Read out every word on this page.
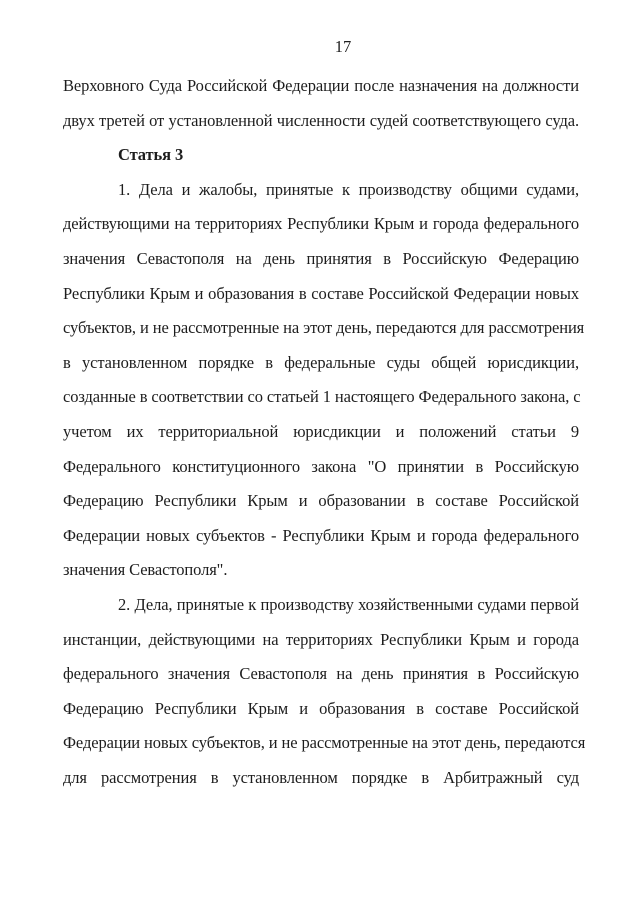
17
Верховного Суда Российской Федерации после назначения на должности
двух третей от установленной численности судей соответствующего суда.
Статья 3
1. Дела и жалобы, принятые к производству общими судами,
действующими на территориях Республики Крым и города федерального
значения Севастополя на день принятия в Российскую Федерацию
Республики Крым и образования в составе Российской Федерации новых
субъектов, и не рассмотренные на этот день, передаются для рассмотрения
в установленном порядке в федеральные суды общей юрисдикции,
созданные в соответствии со статьей 1 настоящего Федерального закона, с
учетом их территориальной юрисдикции и положений статьи 9
Федерального конституционного закона "О принятии в Российскую
Федерацию Республики Крым и образовании в составе Российской
Федерации новых субъектов - Республики Крым и города федерального
значения Севастополя".
2. Дела, принятые к производству хозяйственными судами первой
инстанции, действующими на территориях Республики Крым и города
федерального значения Севастополя на день принятия в Российскую
Федерацию Республики Крым и образования в составе Российской
Федерации новых субъектов, и не рассмотренные на этот день, передаются
для рассмотрения в установленном порядке в Арбитражный суд
